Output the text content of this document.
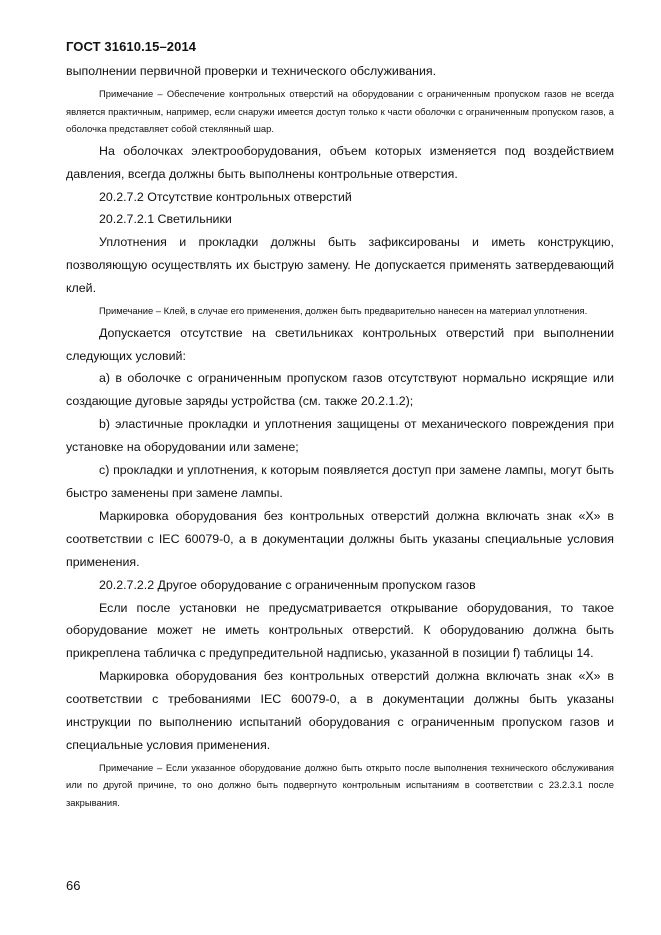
ГОСТ 31610.15–2014

выполнении первичной проверки и технического обслуживания.

Примечание – Обеспечение контрольных отверстий на оборудовании с ограниченным пропуском газов не всегда является практичным, например, если снаружи имеется доступ только к части оболочки с ограниченным пропуском газов, а оболочка представляет собой стеклянный шар.

На оболочках электрооборудования, объем которых изменяется под воздействием давления, всегда должны быть выполнены контрольные отверстия.

20.2.7.2 Отсутствие контрольных отверстий

20.2.7.2.1 Светильники

Уплотнения и прокладки должны быть зафиксированы и иметь конструкцию, позволяющую осуществлять их быструю замену. Не допускается применять затвердевающий клей.

Примечание – Клей, в случае его применения, должен быть предварительно нанесен на материал уплотнения.

Допускается отсутствие на светильниках контрольных отверстий при выполнении следующих условий:

а) в оболочке с ограниченным пропуском газов отсутствуют нормально искрящие или создающие дуговые заряды устройства (см. также 20.2.1.2);

b) эластичные прокладки и уплотнения защищены от механического повреждения при установке на оборудовании или замене;

с) прокладки и уплотнения, к которым появляется доступ при замене лампы, могут быть быстро заменены при замене лампы.

Маркировка оборудования без контрольных отверстий должна включать знак «X» в соответствии с IEC 60079-0, а в документации должны быть указаны специальные условия применения.

20.2.7.2.2 Другое оборудование с ограниченным пропуском газов

Если после установки не предусматривается открывание оборудования, то такое оборудование может не иметь контрольных отверстий. К оборудованию должна быть прикреплена табличка с предупредительной надписью, указанной в позиции f) таблицы 14.

Маркировка оборудования без контрольных отверстий должна включать знак «X» в соответствии с требованиями IEC 60079-0, а в документации должны быть указаны инструкции по выполнению испытаний оборудования с ограниченным пропуском газов и специальные условия применения.

Примечание – Если указанное оборудование должно быть открыто после выполнения технического обслуживания или по другой причине, то оно должно быть подвергнуто контрольным испытаниям в соответствии с 23.2.3.1 после закрывания.

66
